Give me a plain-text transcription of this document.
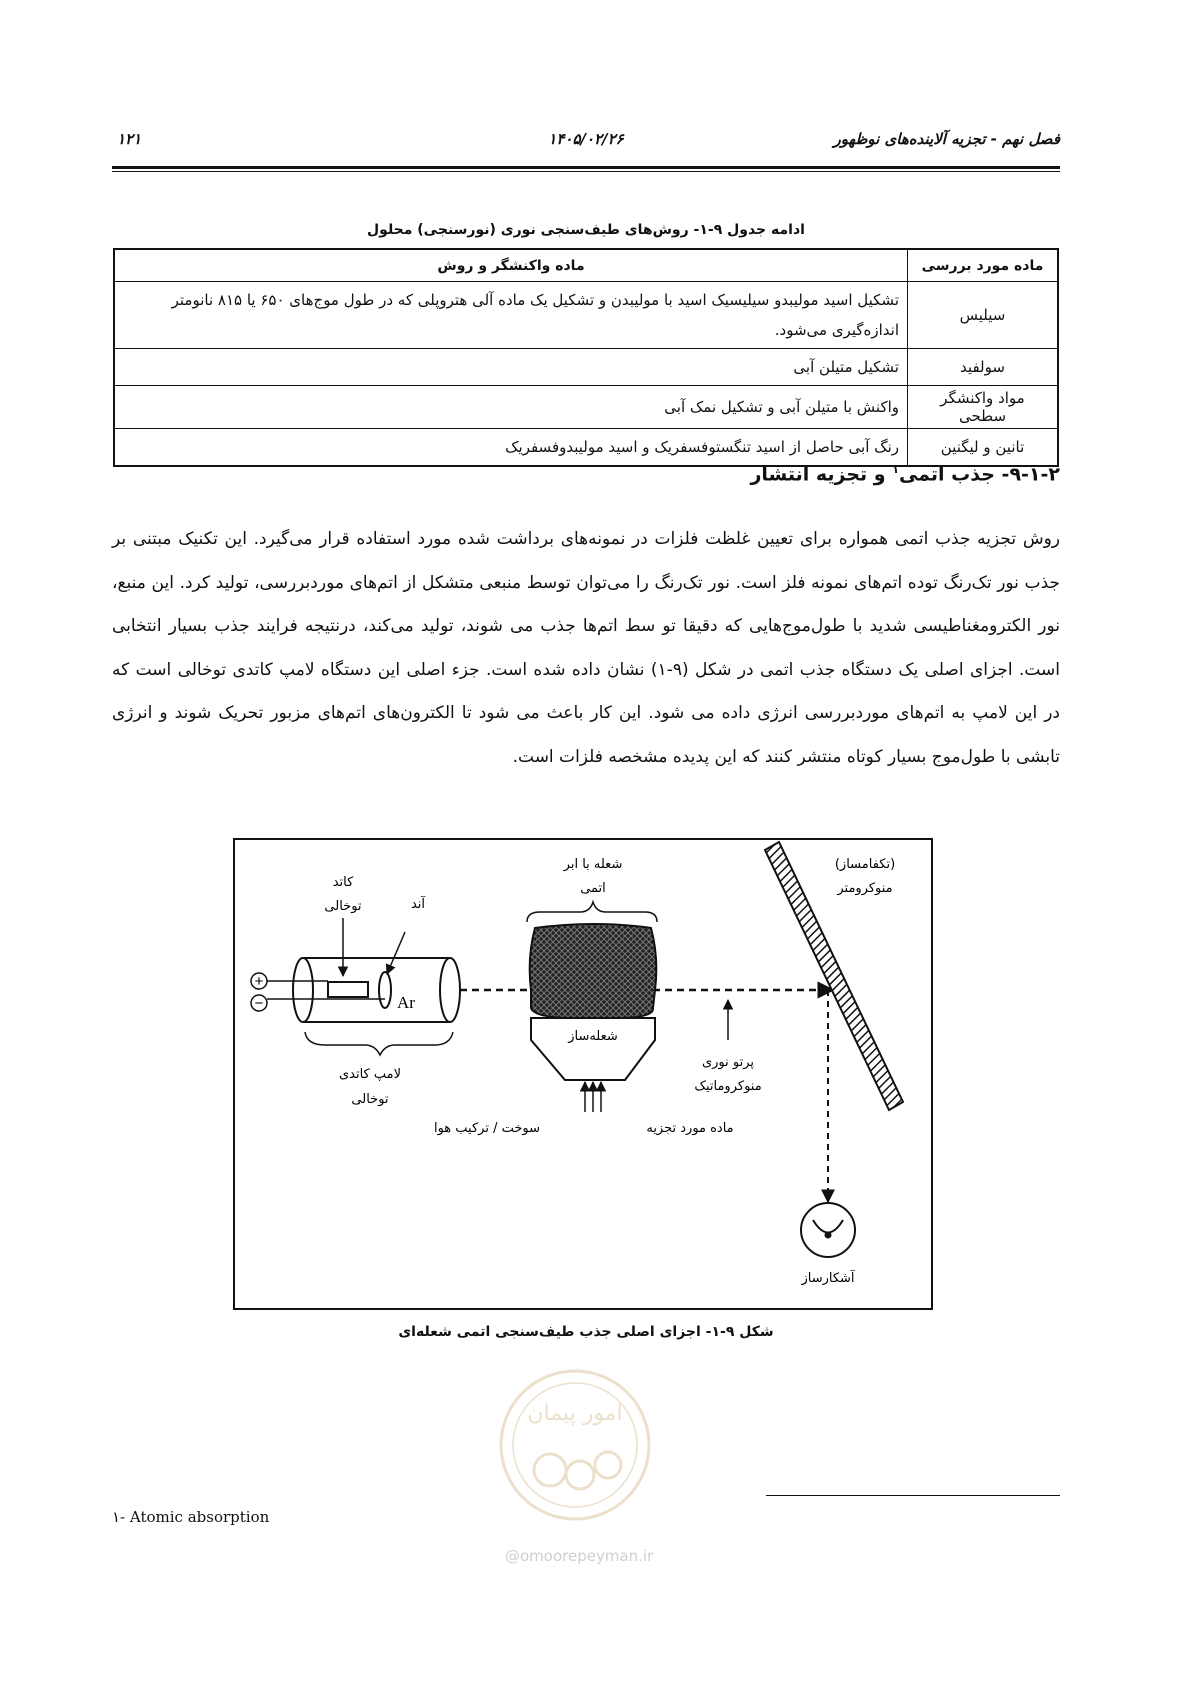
فصل نهم - تجزیه آلاینده‌های نوظهور
۱۴۰۵/۰۲/۲۶
۱۲۱
ادامه جدول ۹-۱- روش‌های طیف‌سنجی نوری (نورسنجی) محلول
ماده مورد بررسی	ماده واکنشگر و روش
سیلیس	تشکیل اسید مولیبدو سیلیسیک اسید با مولیبدن و تشکیل یک ماده آلی هتروپلی که در طول موج‌های ۶۵۰ یا ۸۱۵ نانومتر اندازه‌گیری می‌شود.
سولفید	تشکیل متیلن آبی
مواد واکنشگر سطحی	واکنش با متیلن آبی و تشکیل نمک آبی
تانین و لیگنین	رنگ آبی حاصل از اسید تنگستوفسفریک و اسید مولیبدوفسفریک
۹-۱-۲- جذب اتمی$^۱$ و تجزیه انتشار
روش تجزیه جذب اتمی همواره برای تعیین غلظت فلزات در نمونه‌های برداشت شده مورد استفاده قرار می‌گیرد. این تکنیک مبتنی بر جذب نور تک‌رنگ توده اتم‌های نمونه فلز است. نور تک‌رنگ را می‌توان توسط منبعی متشکل از اتم‌های موردبررسی، تولید کرد. این منبع، نور الکترومغناطیسی شدید با طول‌موج‌هایی که دقیقا تو سط اتم‌ها جذب می شوند، تولید می‌کند، درنتیجه فرایند جذب بسیار انتخابی است. اجزای اصلی یک دستگاه جذب اتمی در شکل (۹-۱) نشان داده شده است. جزء اصلی این دستگاه لامپ کاتدی توخالی است که در این لامپ به اتم‌های موردبررسی انرژی داده می شود. این کار باعث می شود تا الکترون‌های اتم‌های مزبور تحریک شوند و انرژی تابشی با طول‌موج بسیار کوتاه منتشر کنند که این پدیده مشخصه فلزات است.
+
−	Ar
کاتد
توخالی	آند
لامپ کاتدی
توخالی
شعله با ابر
اتمی
شعله‌ساز
سوخت / ترکیب هوا	ماده مورد تجزیه
پرتو نوری
منوکروماتیک
(تکفامساز)
منوکرومتر
آشکارساز
شکل ۹-۱- اجزای اصلی جذب طیف‌سنجی اتمی شعله‌ای
امور پیمان
@omoorepeyman.ir
۱- Atomic absorption
